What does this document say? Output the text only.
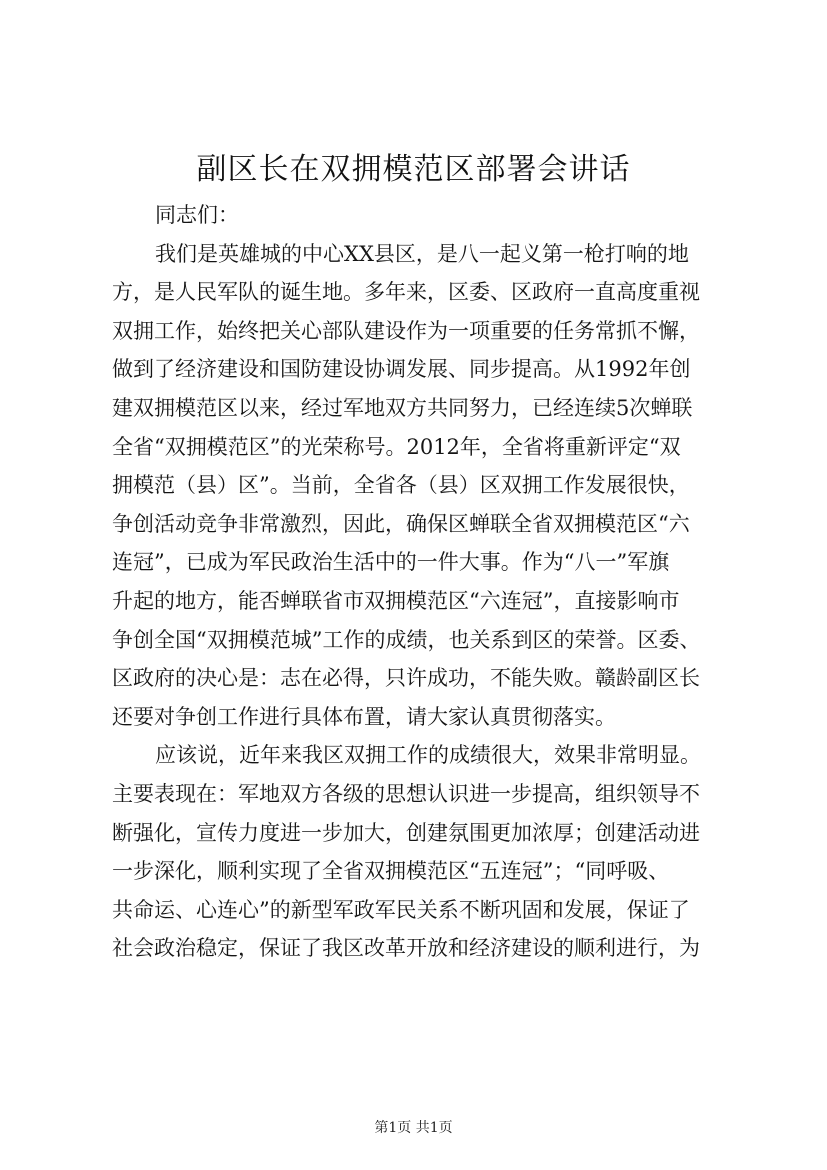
副区长在双拥模范区部署会讲话
同志们：
我们是英雄城的中心XX县区，是八一起义第一枪打响的地
方，是人民军队的诞生地。多年来，区委、区政府一直高度重视
双拥工作，始终把关心部队建设作为一项重要的任务常抓不懈，
做到了经济建设和国防建设协调发展、同步提高。从1992年创
建双拥模范区以来，经过军地双方共同努力，已经连续5次蝉联
全省“双拥模范区”的光荣称号。2012年，全省将重新评定“双
拥模范（县）区”。当前，全省各（县）区双拥工作发展很快，
争创活动竞争非常激烈，因此，确保区蝉联全省双拥模范区“六
连冠”，已成为军民政治生活中的一件大事。作为“八一”军旗
升起的地方，能否蝉联省市双拥模范区“六连冠”，直接影响市
争创全国“双拥模范城”工作的成绩，也关系到区的荣誉。区委、
区政府的决心是：志在必得，只许成功，不能失败。赣龄副区长
还要对争创工作进行具体布置，请大家认真贯彻落实。
应该说，近年来我区双拥工作的成绩很大，效果非常明显。
主要表现在：军地双方各级的思想认识进一步提高，组织领导不
断强化，宣传力度进一步加大，创建氛围更加浓厚；创建活动进
一步深化，顺利实现了全省双拥模范区“五连冠”；“同呼吸、
共命运、心连心”的新型军政军民关系不断巩固和发展，保证了
社会政治稳定，保证了我区改革开放和经济建设的顺利进行，为
第1页 共1页
